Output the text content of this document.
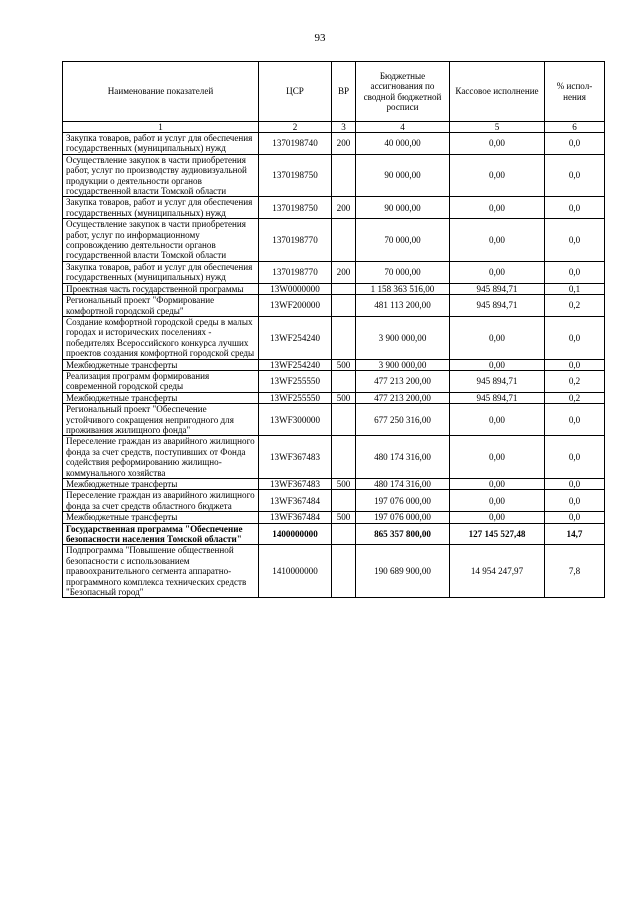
93
Наименование показателей	ЦСР	ВР	Бюджетные ассигнования по сводной бюджетной росписи	Кассовое исполнение	% испол-нения
1	2	3	4	5	6
Закупка товаров, работ и услуг для обеспечения государственных (муниципальных) нужд	1370198740	200	40 000,00	0,00	0,0
Осуществление закупок в части приобретения работ, услуг по производству аудиовизуальной продукции о деятельности органов государственной власти Томской области	1370198750		90 000,00	0,00	0,0
Закупка товаров, работ и услуг для обеспечения государственных (муниципальных) нужд	1370198750	200	90 000,00	0,00	0,0
Осуществление закупок в части приобретения работ, услуг по информационному сопровождению деятельности органов государственной власти Томской области	1370198770		70 000,00	0,00	0,0
Закупка товаров, работ и услуг для обеспечения государственных (муниципальных) нужд	1370198770	200	70 000,00	0,00	0,0
Проектная часть государственной программы	13W0000000		1 158 363 516,00	945 894,71	0,1
Региональный проект "Формирование комфортной городской среды"	13WF200000		481 113 200,00	945 894,71	0,2
Создание комфортной городской среды в малых городах и исторических поселениях - победителях Всероссийского конкурса лучших проектов создания комфортной городской среды	13WF254240		3 900 000,00	0,00	0,0
Межбюджетные трансферты	13WF254240	500	3 900 000,00	0,00	0,0
Реализация программ формирования современной городской среды	13WF255550		477 213 200,00	945 894,71	0,2
Межбюджетные трансферты	13WF255550	500	477 213 200,00	945 894,71	0,2
Региональный проект "Обеспечение устойчивого сокращения непригодного для проживания жилищного фонда"	13WF300000		677 250 316,00	0,00	0,0
Переселение граждан из аварийного жилищного фонда за счет средств, поступивших от Фонда содействия реформированию жилищно-коммунального хозяйства	13WF367483		480 174 316,00	0,00	0,0
Межбюджетные трансферты	13WF367483	500	480 174 316,00	0,00	0,0
Переселение граждан из аварийного жилищного фонда за счет средств областного бюджета	13WF367484		197 076 000,00	0,00	0,0
Межбюджетные трансферты	13WF367484	500	197 076 000,00	0,00	0,0
Государственная программа "Обеспечение безопасности населения Томской области"	1400000000		865 357 800,00	127 145 527,48	14,7
Подпрограмма "Повышение общественной безопасности с использованием правоохранительного сегмента аппаратно-программного комплекса технических средств "Безопасный город"	1410000000		190 689 900,00	14 954 247,97	7,8
